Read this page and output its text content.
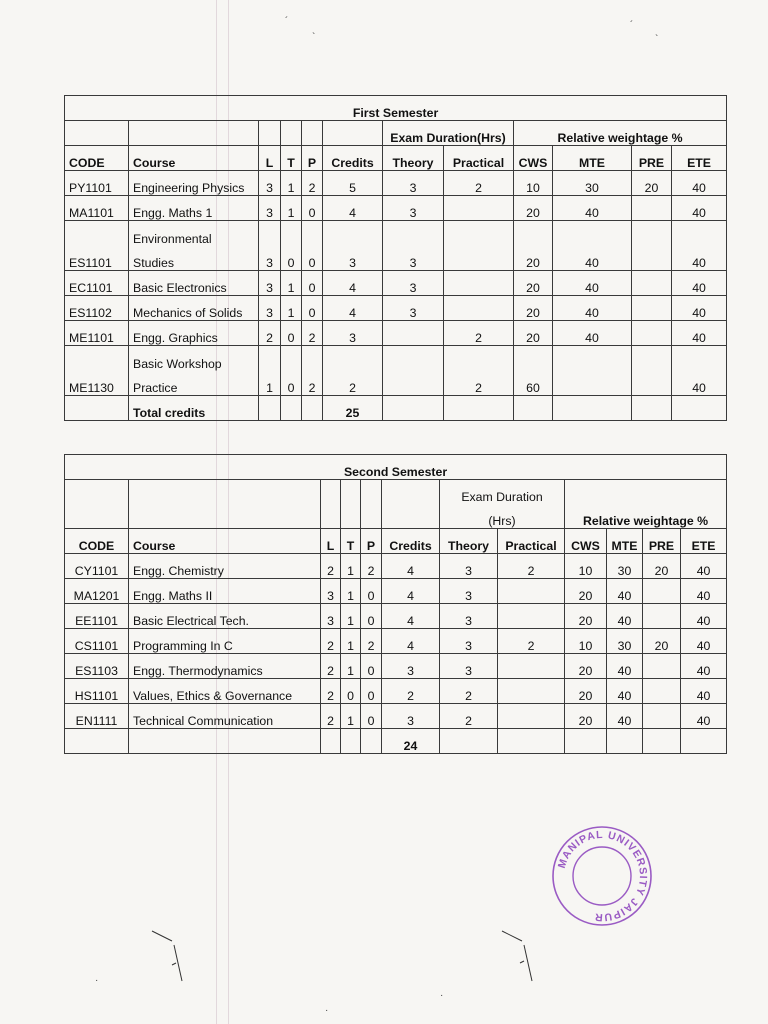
First Semester											
						Exam Duration(Hrs)		Relative weightage %			
CODE	Course	L	T	P	Credits	Theory	Practical	CWS	MTE	PRE	ETE
PY1101	Engineering Physics	3	1	2	5	3	2	10	30	20	40
MA1101	Engg. Maths 1	3	1	0	4	3		20	40		40
ES1101	Environmental
Studies	3	0	0	3	3		20	40		40
EC1101	Basic Electronics	3	1	0	4	3		20	40		40
ES1102	Mechanics of Solids	3	1	0	4	3		20	40		40
ME1101	Engg. Graphics	2	0	2	3		2	20	40		40
ME1130	Basic Workshop
Practice	1	0	2	2		2	60			40
	Total credits				25						
Second Semester											
						Exam Duration		Relative weightage %			
						(Hrs)					
CODE	Course	L	T	P	Credits	Theory	Practical	CWS	MTE	PRE	ETE
CY1101	Engg. Chemistry	2	1	2	4	3	2	10	30	20	40
MA1201	Engg. Maths II	3	1	0	4	3		20	40		40
EE1101	Basic Electrical Tech.	3	1	0	4	3		20	40		40
CS1101	Programming In C	2	1	2	4	3	2	10	30	20	40
ES1103	Engg. Thermodynamics	2	1	0	3	3		20	40		40
HS1101	Values, Ethics & Governance	2	0	0	2	2		20	40		40
EN1111	Technical Communication	2	1	0	3	2		20	40		40
					24						
MANIPAL UNIVERSITY JAIPUR
´	´
`
`
·
·
·
